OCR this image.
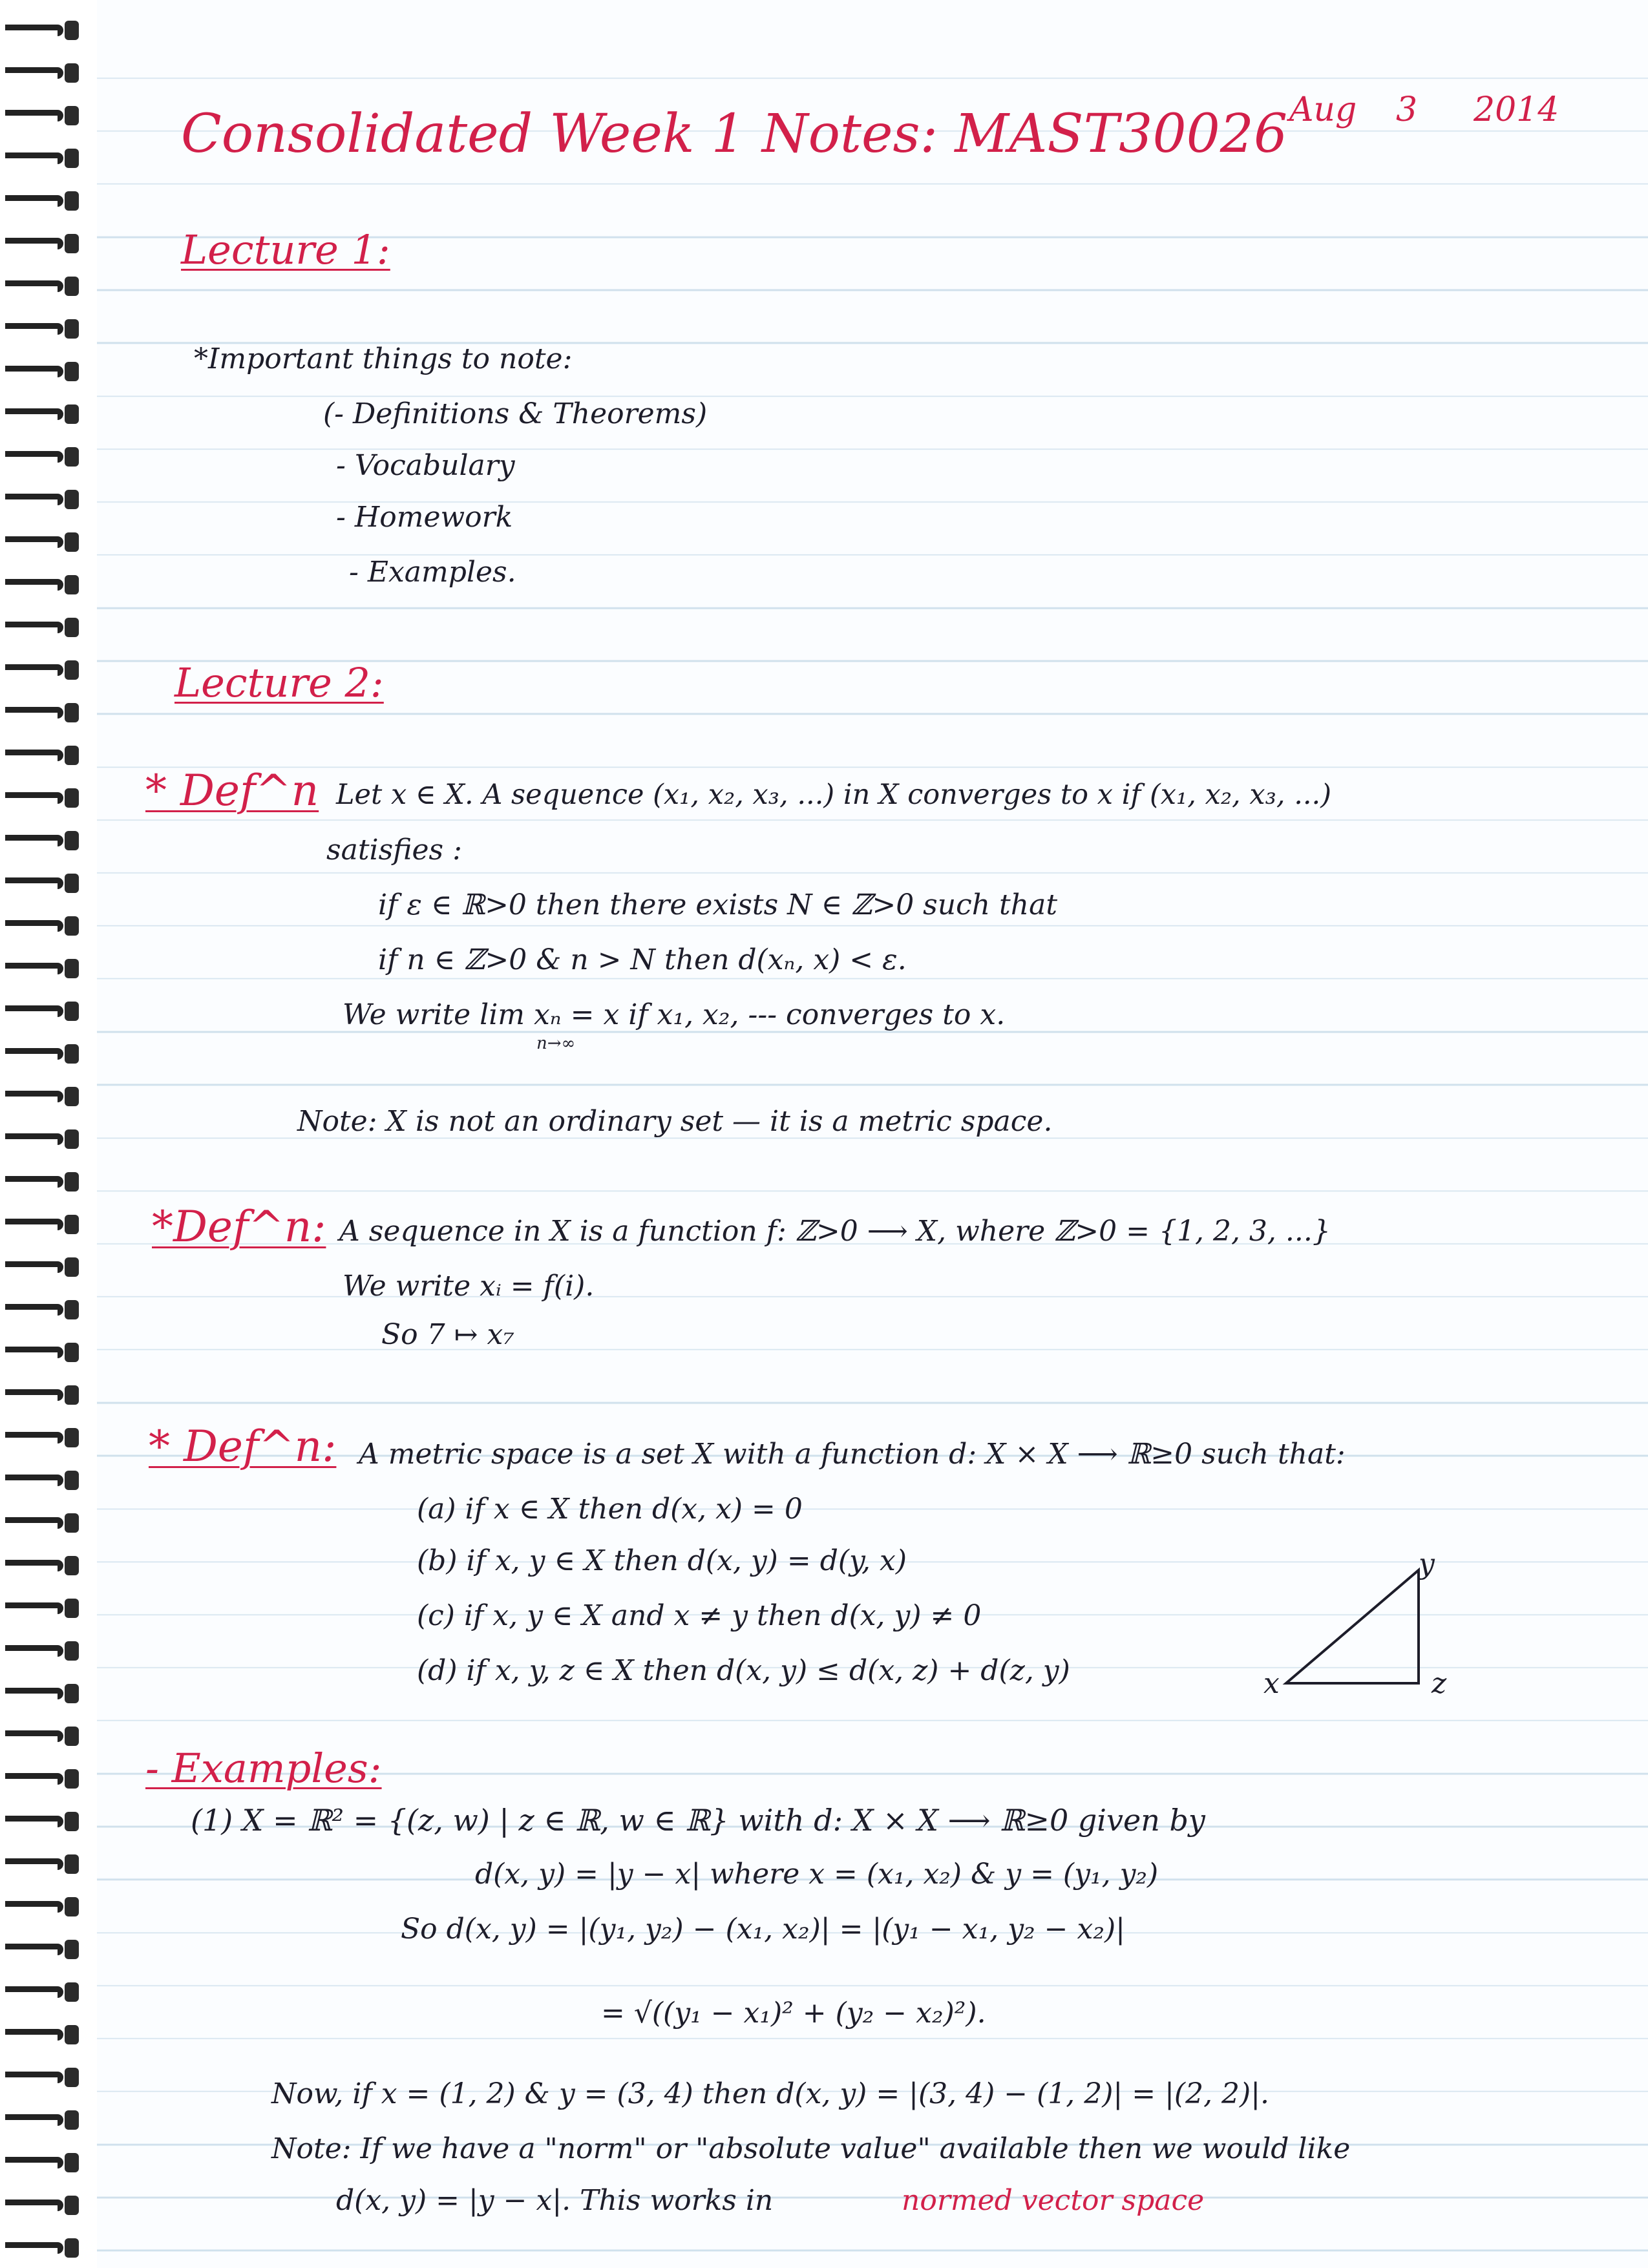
Consolidated Week 1 Notes: MAST30026 Aug 3 2014
Lecture 1:
*Important things to note:
(- Definitions & Theorems)
- Vocabulary
- Homework
- Examples.
Lecture 2:
* Def^n Let x ∈ X. A sequence (x₁, x₂, x₃, ...) in X converges to x if (x₁, x₂, x₃, ...)
satisfies :
if ε ∈ ℝ>0 then there exists N ∈ ℤ>0 such that
if n ∈ ℤ>0 & n > N then d(xₙ, x) < ε.
We write lim xₙ = x if x₁, x₂, --- converges to x.
n→∞
Note: X is not an ordinary set — it is a metric space.
*Def^n: A sequence in X is a function f: ℤ>0 ⟶ X, where ℤ>0 = {1, 2, 3, ...}
We write xᵢ = f(i).
So 7 ↦ x₇
* Def^n: A metric space is a set X with a function d: X × X ⟶ ℝ≥0 such that:
(a) if x ∈ X then d(x, x) = 0
(b) if x, y ∈ X then d(x, y) = d(y, x)
(c) if x, y ∈ X and x ≠ y then d(x, y) ≠ 0
(d) if x, y, z ∈ X then d(x, y) ≤ d(x, z) + d(z, y)	x
y
z
- Examples:
(1) X = ℝ² = {(z, w) | z ∈ ℝ, w ∈ ℝ} with d: X × X ⟶ ℝ≥0 given by
d(x, y) = |y − x| where x = (x₁, x₂) & y = (y₁, y₂)
So d(x, y) = |(y₁, y₂) − (x₁, x₂)| = |(y₁ − x₁, y₂ − x₂)|
= √((y₁ − x₁)² + (y₂ − x₂)²).
Now, if x = (1, 2) & y = (3, 4) then d(x, y) = |(3, 4) − (1, 2)| = |(2, 2)|.
Note: If we have a "norm" or "absolute value" available then we would like
d(x, y) = |y − x|. This works in	normed vector space
